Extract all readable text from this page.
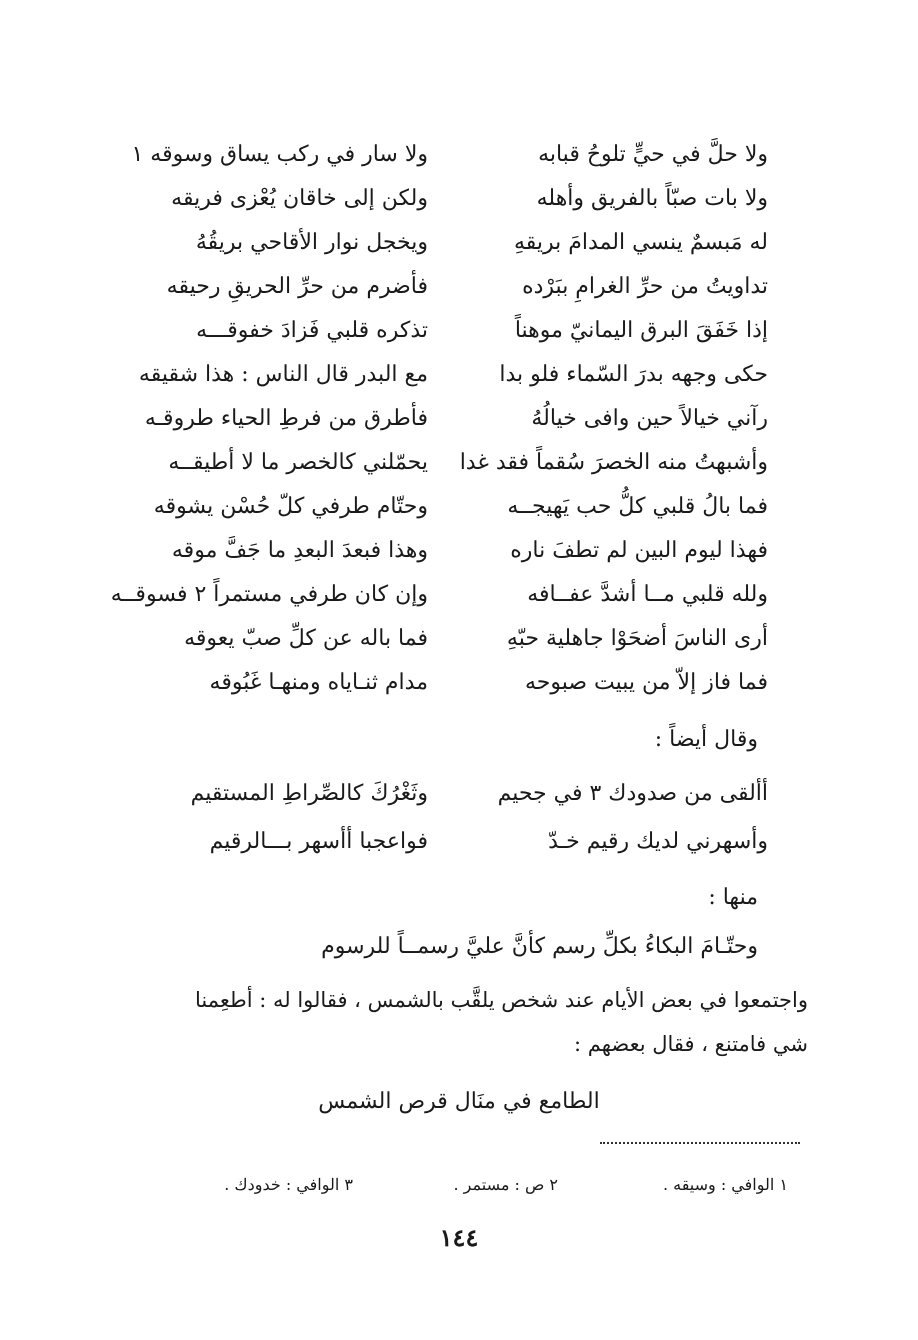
ولا حلَّ في حيٍّ تلوحُ قبابه
ولا سار في ركب يساق وسوقه ١
ولا بات صبّاً بالفريق وأهله
ولكن إلى خاقان يُعْزى فريقه
له مَبسمٌ ينسي المدامَ بريقهِ
ويخجل نوار الأقاحي بريقُهُ
تداويتُ من حرِّ الغرامِ ببَرْده
فأضرم من حرِّ الحريقِ رحيقه
إذا خَفَقَ البرق اليمانيّ موهناً
تذكره قلبي فَزادَ خفوقـــه
حكى وجهه بدرَ السّماء فلو بدا
مع البدر قال الناس : هذا شقيقه
رآني خيالاً حين وافى خيالُهُ
فأطرق من فرطِ الحياء طروقـه
وأشبهتُ منه الخصرَ سُقماً فقد غدا
يحمّلني كالخصر ما لا أطيقــه
فما بالُ قلبي كلُّ حب يَهيجــه
وحتّام طرفي كلّ حُسْن يشوقه
فهذا ليوم البين لم تطفَ ناره
وهذا فبعدَ البعدِ ما جَفَّ موقه
ولله قلبي مــا أشدَّ عفــافه
وإن كان طرفي مستمراً ٢ فسوقــه
أرى الناسَ أضحَوْا جاهلية حبّهِ
فما باله عن كلِّ صبّ يعوقه
فما فاز إلاّ من يبيت صبوحه
مدام ثنـاياه ومنهـا غَبُوقه
وقال أيضاً :
أألقى من صدودك ٣ في جحيم
وثَغْرُكَ كالصِّراطِ المستقيم
وأسهرني لديك رقيم خـدّ
فواعجبا أأسهر بـــالرقيم
منها :
وحتّـامَ البكاءُ بكلِّ رسم كأنَّ عليَّ رسمــاً للرسوم
واجتمعوا في بعض الأيام عند شخص يلقَّب بالشمس ، فقالوا له : أطعِمنا
شي فامتنع ، فقال بعضهم :
الطامع في منَال قرص الشمس
١ الوافي : وسيقه .
٢ ص : مستمر .
٣ الوافي : خدودك .
١٤٤
